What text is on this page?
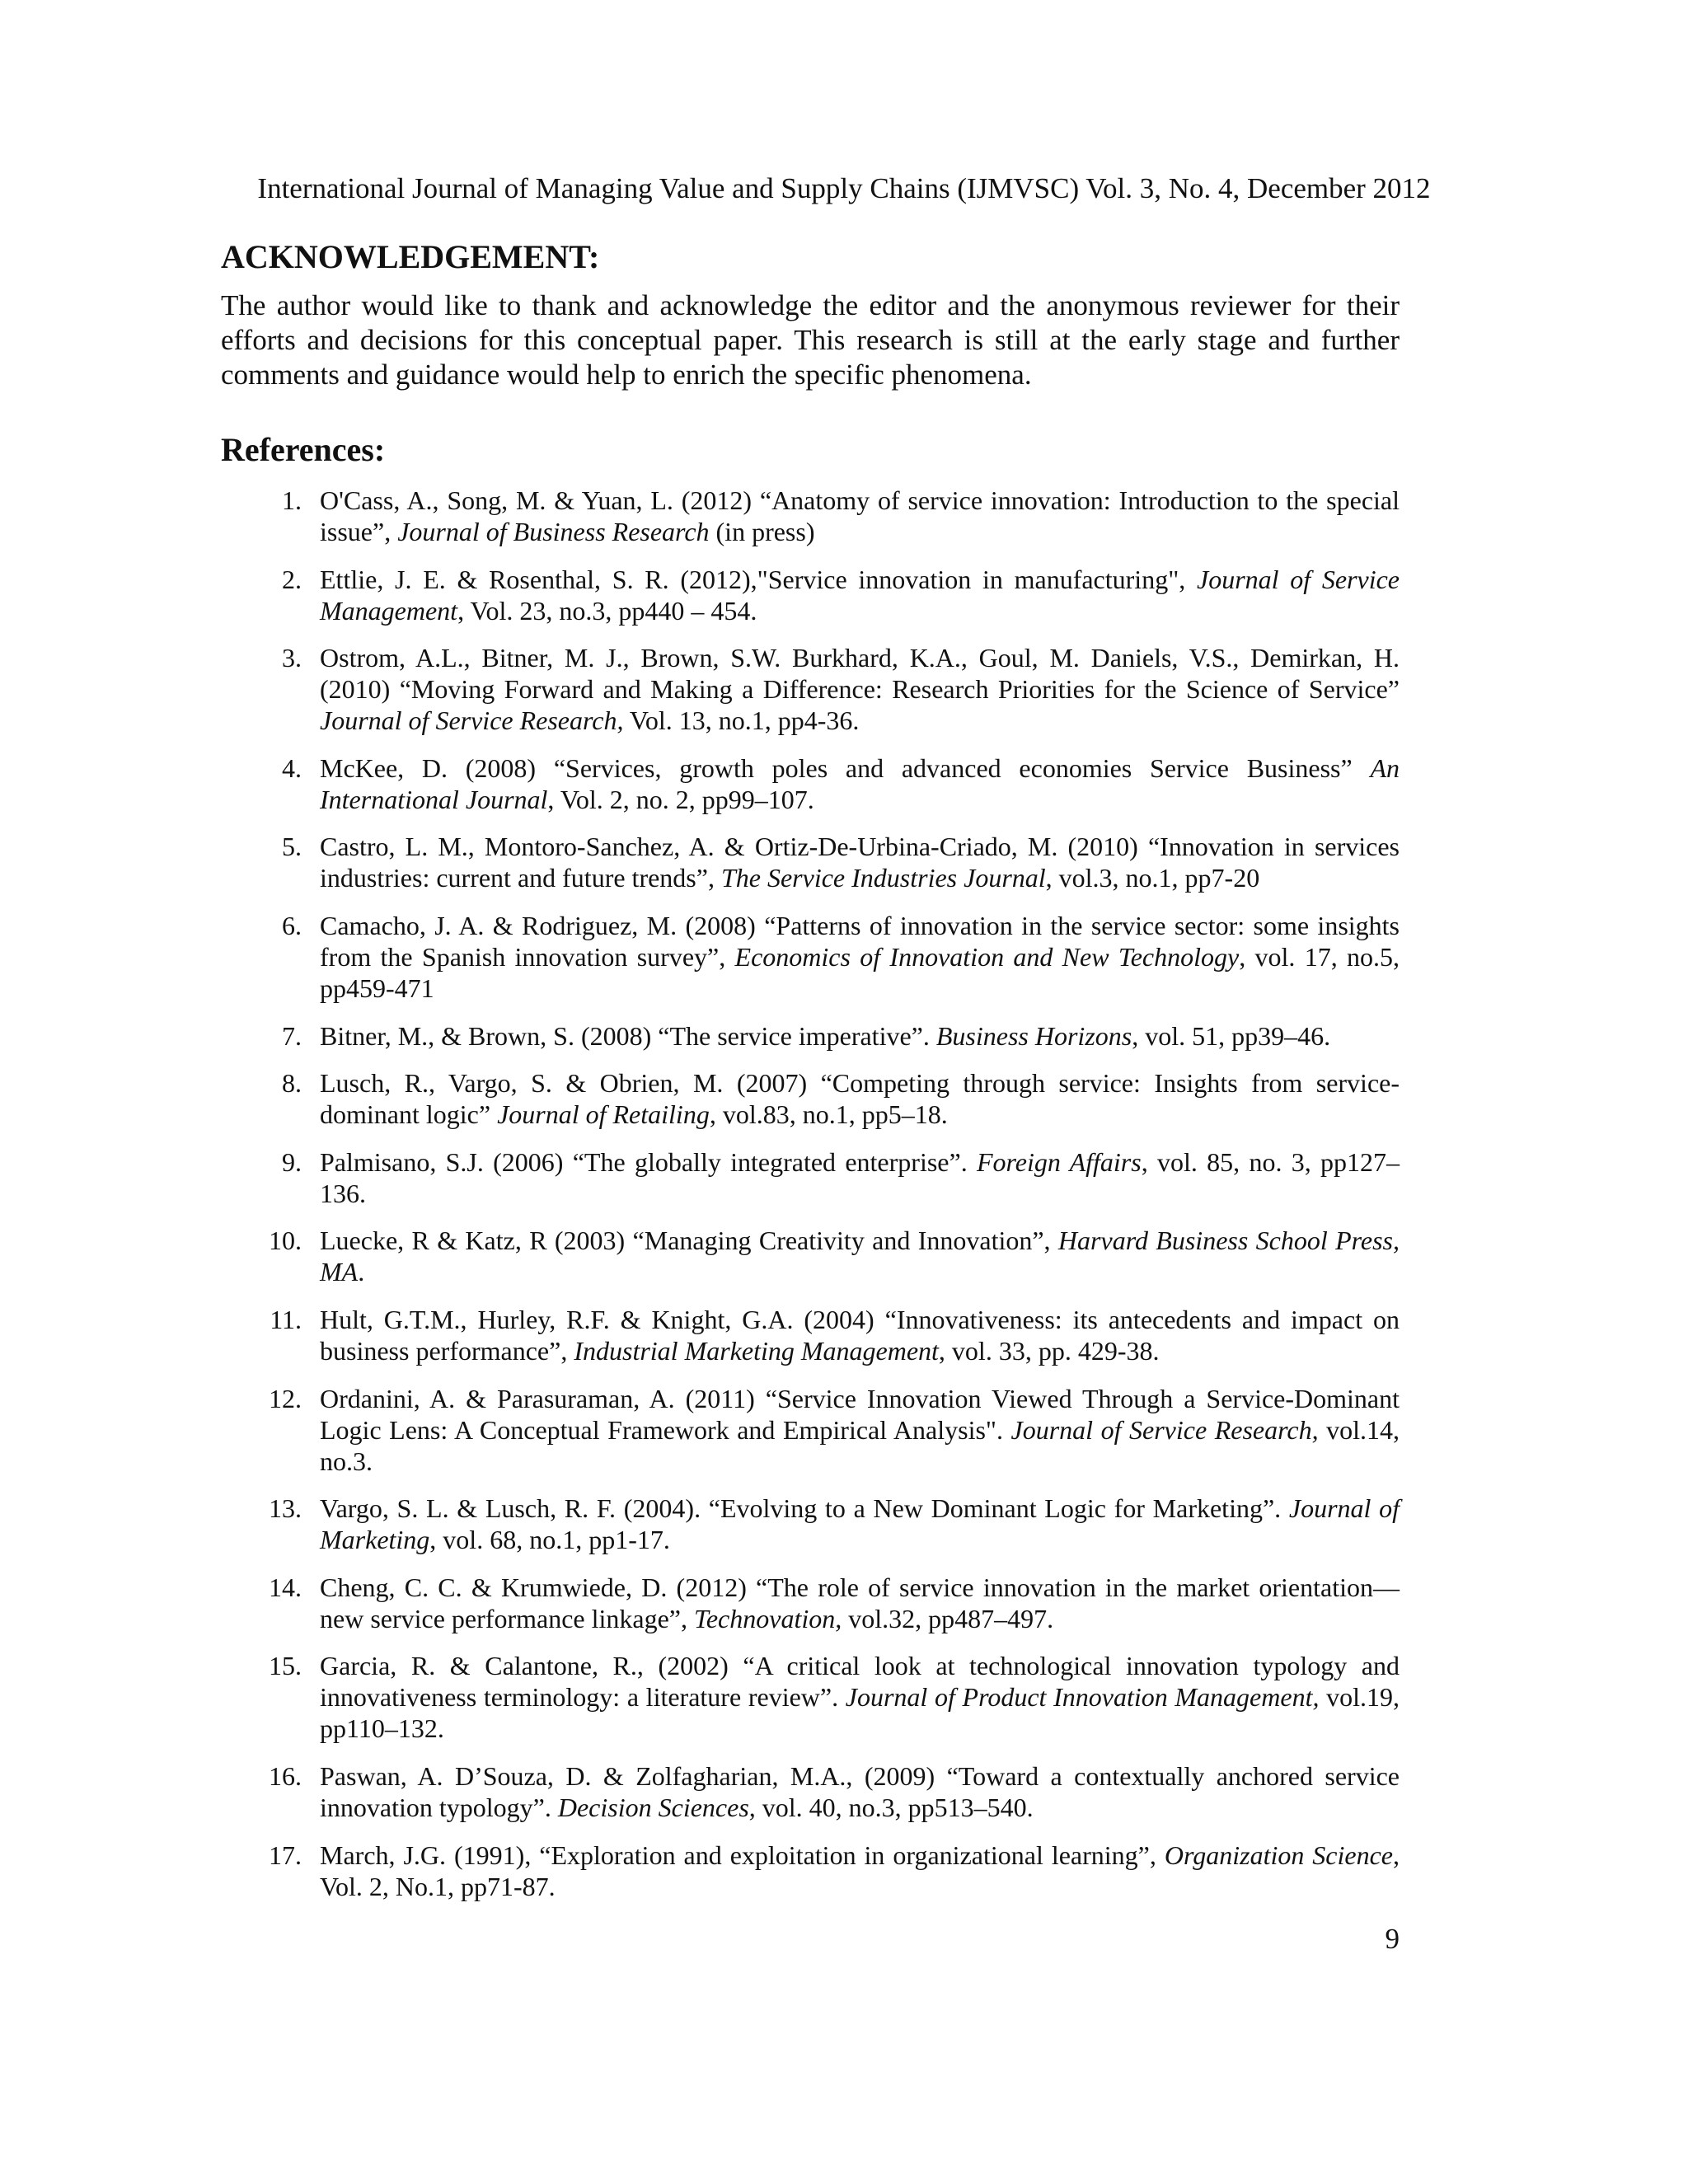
International Journal of Managing Value and Supply Chains (IJMVSC) Vol. 3, No. 4, December 2012
ACKNOWLEDGEMENT:

The author would like to thank and acknowledge the editor and the anonymous reviewer for their efforts and decisions for this conceptual paper. This research is still at the early stage and further comments and guidance would help to enrich the specific phenomena.

References:
1. O'Cass, A., Song, M. & Yuan, L. (2012) “Anatomy of service innovation: Introduction to the special issue”, Journal of Business Research (in press)
2. Ettlie, J. E. & Rosenthal, S. R. (2012),"Service innovation in manufacturing", Journal of Service Management, Vol. 23, no.3, pp440 – 454.
3. Ostrom, A.L., Bitner, M. J., Brown, S.W. Burkhard, K.A., Goul, M. Daniels, V.S., Demirkan, H. (2010) “Moving Forward and Making a Difference: Research Priorities for the Science of Service” Journal of Service Research, Vol. 13, no.1, pp4-36.
4. McKee, D. (2008) “Services, growth poles and advanced economies Service Business” An International Journal, Vol. 2, no. 2, pp99–107.
5. Castro, L. M., Montoro-Sanchez, A. & Ortiz-De-Urbina-Criado, M. (2010) “Innovation in services industries: current and future trends”, The Service Industries Journal, vol.3, no.1, pp7-20
6. Camacho, J. A. & Rodriguez, M. (2008) “Patterns of innovation in the service sector: some insights from the Spanish innovation survey”, Economics of Innovation and New Technology, vol. 17, no.5, pp459-471
7. Bitner, M., & Brown, S. (2008) “The service imperative”. Business Horizons, vol. 51, pp39–46.
8. Lusch, R., Vargo, S. & Obrien, M. (2007) “Competing through service: Insights from service-dominant logic” Journal of Retailing, vol.83, no.1, pp5–18.
9. Palmisano, S.J. (2006) “The globally integrated enterprise”. Foreign Affairs, vol. 85, no. 3, pp127–136.
10. Luecke, R & Katz, R (2003) “Managing Creativity and Innovation”, Harvard Business School Press, MA.
11. Hult, G.T.M., Hurley, R.F. & Knight, G.A. (2004) “Innovativeness: its antecedents and impact on business performance”, Industrial Marketing Management, vol. 33, pp. 429-38.
12. Ordanini, A. & Parasuraman, A. (2011) “Service Innovation Viewed Through a Service-Dominant Logic Lens: A Conceptual Framework and Empirical Analysis". Journal of Service Research, vol.14, no.3.
13. Vargo, S. L. & Lusch, R. F. (2004). “Evolving to a New Dominant Logic for Marketing”. Journal of Marketing, vol. 68, no.1, pp1-17.
14. Cheng, C. C. & Krumwiede, D. (2012) “The role of service innovation in the market orientation—new service performance linkage”, Technovation, vol.32, pp487–497.
15. Garcia, R. & Calantone, R., (2002) “A critical look at technological innovation typology and innovativeness terminology: a literature review”. Journal of Product Innovation Management, vol.19, pp110–132.
16. Paswan, A. D’Souza, D. & Zolfagharian, M.A., (2009) “Toward a contextually anchored service innovation typology”. Decision Sciences, vol. 40, no.3, pp513–540.
17. March, J.G. (1991), “Exploration and exploitation in organizational learning”, Organization Science, Vol. 2, No.1, pp71-87.
9
